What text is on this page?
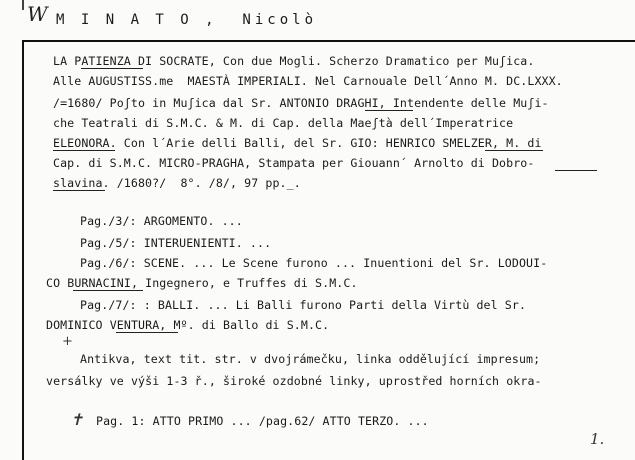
W M I N A T O ,  Nicolò
LA PATIENZA DI SOCRATE, Con due Mogli. Scherzo Dramatico per Muʃica.
Alle AUGUSTISS.me  MAESTÀ IMPERIALI. Nel Carnouale Dell´Anno M. DC.LXXX.
/=1680/ Poʃto in Muʃica dal Sr. ANTONIO DRAGHI, Intendente delle Muʃi-
che Teatrali di S.M.C. & M. di Cap. della Maeʃtà dell´Imperatrice
ELEONORA. Con l´Arie delli Balli, del Sr. GIO: HENRICO SMELZER, M. di
Cap. di S.M.C. MICRO-PRAGHA, Stampata per Giouann´ Arnolto di Dobro-
slavina. /1680?/  8°. /8/, 97 pp._.
Pag./3/: ARGOMENTO. ...
Pag./5/: INTERUENIENTI. ...
Pag./6/: SCENE. ... Le Scene furono ... Inuentioni del Sr. LODOUI-
CO BURNACINI, Ingegnero, e Truffes di S.M.C.
Pag./7/: : BALLI. ... Li Balli furono Parti della Virtù del Sr.
DOMINICO VENTURA, Mº. di Ballo di S.M.C.
+
Antikva, text tit. str. v dvojrámečku, linka oddělující impresum;
versálky ve výši 1-3 ř., široké ozdobné linky, uprostřed horních okra-
✝ Pag. 1: ATTO PRIMO ... /pag.62/ ATTO TERZO. ...
1.
